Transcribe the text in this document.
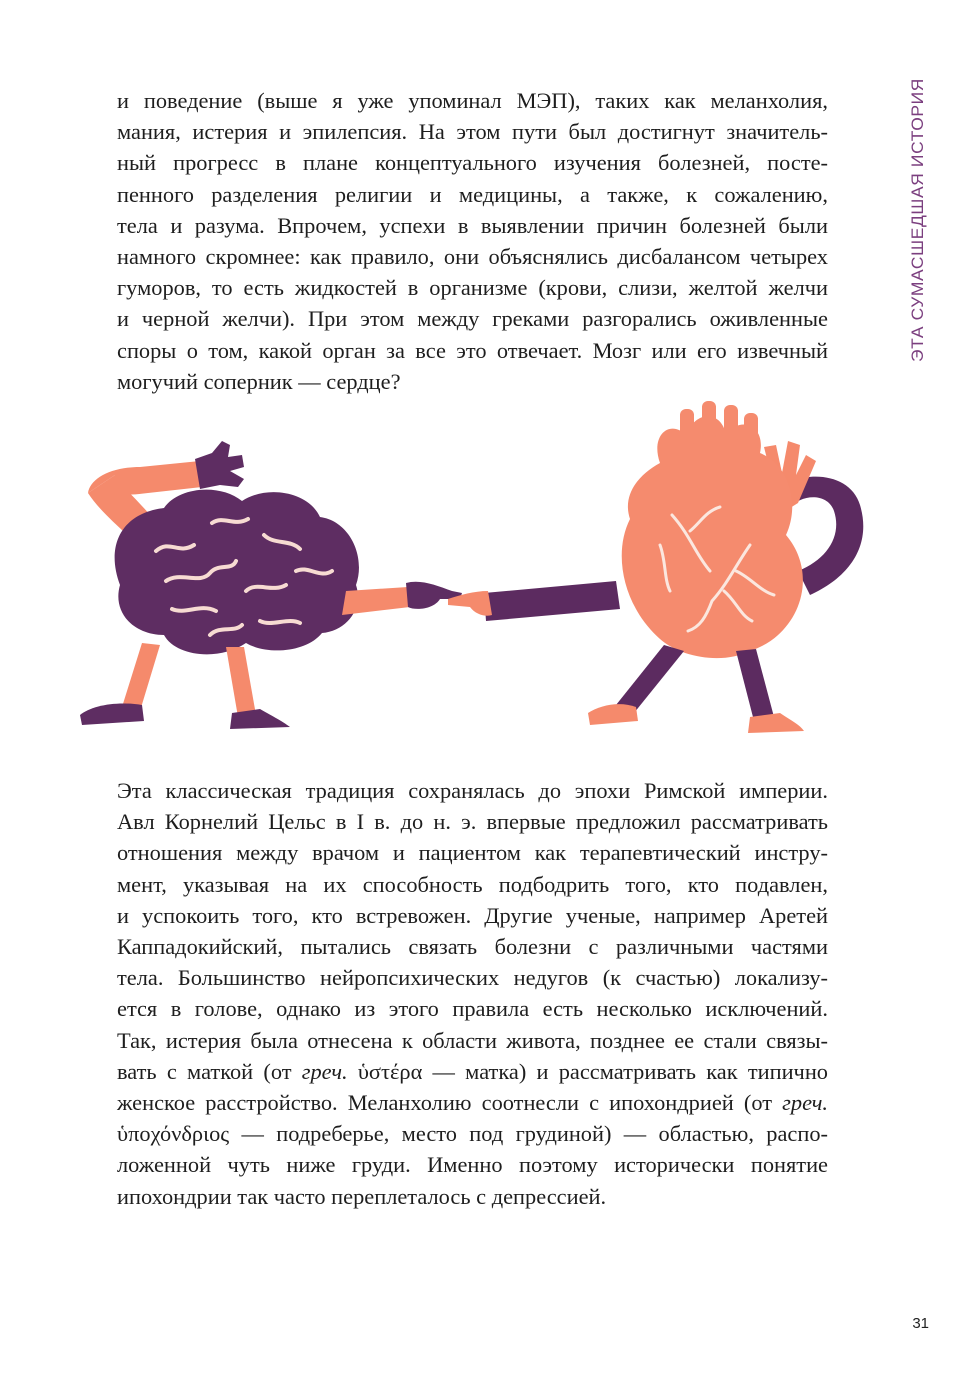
ЭТА СУМАСШЕДШАЯ ИСТОРИЯ
и поведение (выше я уже упоминал МЭП), таких как меланхолия,
мания, истерия и эпилепсия. На этом пути был достигнут значитель-
ный прогресс в плане концептуального изучения болезней, посте-
пенного разделения религии и медицины, а также, к сожалению,
тела и разума. Впрочем, успехи в выявлении причин болезней были
намного скромнее: как правило, они объяснялись дисбалансом четырех
гуморов, то есть жидкостей в организме (крови, слизи, желтой желчи
и черной желчи). При этом между греками разгорались оживленные
споры о том, какой орган за все это отвечает. Мозг или его извечный
могучий соперник — сердце?
Эта классическая традиция сохранялась до эпохи Римской империи.
Авл Корнелий Цельс в I в. до н. э. впервые предложил рассматривать
отношения между врачом и пациентом как терапевтический инстру-
мент, указывая на их способность подбодрить того, кто подавлен,
и успокоить того, кто встревожен. Другие ученые, например Аретей
Каппадокийский, пытались связать болезни с различными частями
тела. Большинство нейропсихических недугов (к счастью) локализу-
ется в голове, однако из этого правила есть несколько исключений.
Так, истерия была отнесена к области живота, позднее ее стали связы-
вать с маткой (от греч. ὑστέρα — матка) и рассматривать как типично
женское расстройство. Меланхолию соотнесли с ипохондрией (от греч.
ὑποχόνδριος — подреберье, место под грудиной) — областью, распо-
ложенной чуть ниже груди. Именно поэтому исторически понятие
ипохондрии так часто переплеталось с депрессией.
31
